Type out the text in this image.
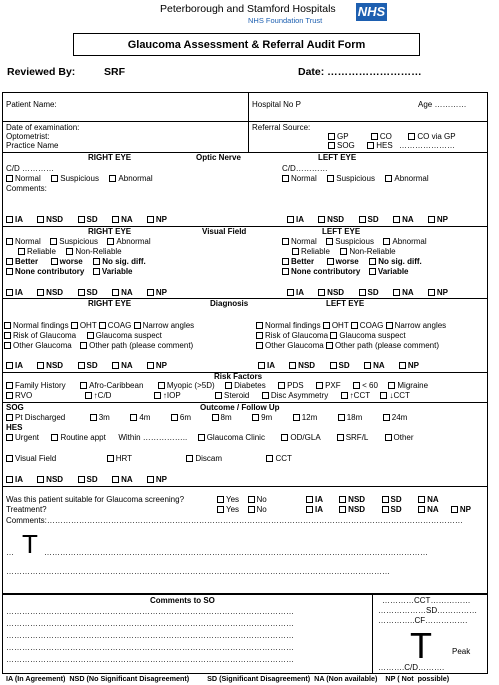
Peterborough and Stamford Hospitals
NHS Foundation Trust
NHS
Glaucoma Assessment & Referral Audit Form
Reviewed By:	SRF	Date: ………………………
Patient Name:	Hospital No P	Age …………
Date of examination:
Optometrist:
Practice Name
Referral Source:
GP	CO	CO via GP
SOG	HES …………………
RIGHT EYE	Optic Nerve	LEFT EYE
C/D …………	C/D…………
Normal Suspicious Abnormal	Normal Suspicious Abnormal
Comments:
IA	NSD	SD	NA	NP	IA	NSD	SD	NA	NP
RIGHT EYE	Visual Field	LEFT EYE
Normal Suspicious Abnormal	Normal Suspicious Abnormal
Reliable Non-Reliable	Reliable Non-Reliable
Better	worse No sig. diff.	Better	worse No sig. diff.
None contributory Variable	None contributory Variable
IA	NSD	SD	NA	NP	IA	NSD	SD	NA	NP
RIGHT EYE	Diagnosis	LEFT EYE
Normal findings OHT COAG Narrow angles	Normal findings OHT COAG Narrow angles
Risk of Glaucoma Glaucoma suspect	Risk of Glaucoma Glaucoma suspect
Other Glaucoma Other path (please comment)	Other Glaucoma Other path (please comment)
IA	NSD	SD	NA	NP	IA	NSD	SD	NA	NP
Risk Factors
Family History	Afro-Caribbean	Myopic (>5D) Diabetes	PDS	PXF	< 60 Migraine
RVO	↑C/D	↑IOP	Steroid	Disc Asymmetry	↑CCT ↓CCT
SOG	Outcome / Follow Up
Pt Discharged	3m	4m	6m	8m	9m	12m	18m	24m
HES
Urgent	Routine appt Within …………….. Glaucoma Clinic	OD/GLA	SRF/L	Other
Visual Field	HRT	Discam	CCT
IA	NSD	SD	NA	NP
Was this patient suitable for Glaucoma screening?
Treatment?
Yes No
Yes No
IA	NSD	SD	NA
IA	NSD	SD	NA	NP
Comments:…………………………………………………………………………………………………………………………………………
… T ………………………………………………………………………………………………………………………………
………………………………………………………………………………………………………………………………
Comments to SO
………………………………………………………………………………………………
………………………………………………………………………………………………
………………………………………………………………………………………………
………………………………………………………………………………………………
………………………………………………………………………………………………
…………CCT……………
………………SD……………
…………..CF…………….
T	Peak
……….C/D……….
IA (In Agreement)  NSD (No Significant Disagreement)         SD (Significant Disagreement)  NA (Non available)    NP ( Not  possible)
